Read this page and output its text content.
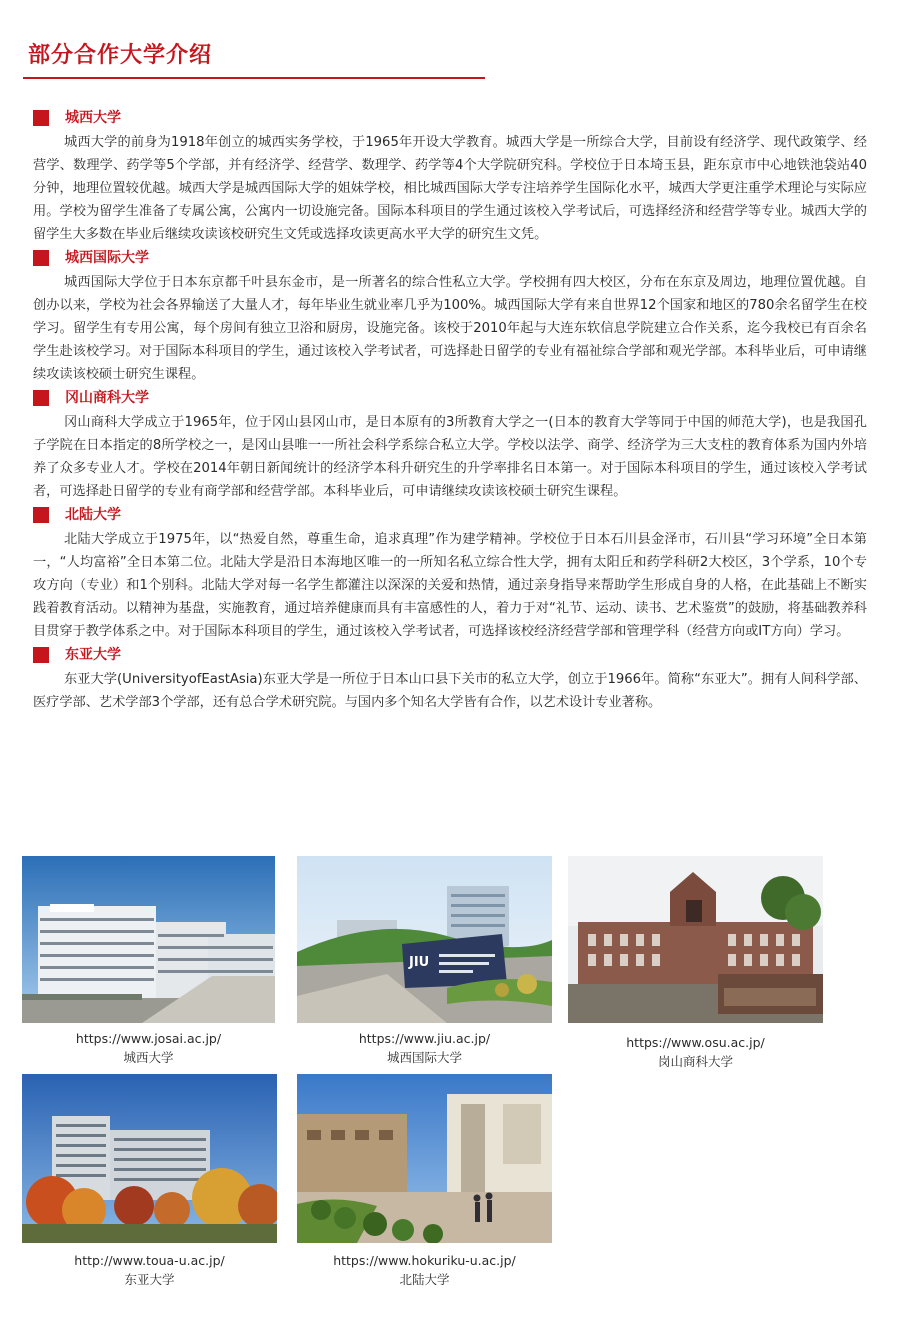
部分合作大学介绍
城西大学

城西大学的前身为1918年创立的城西实务学校，于1965年开设大学教育。城西大学是一所综合大学，目前设有经济学、现代政策学、经营学、数理学、药学等5个学部，并有经济学、经营学、数理学、药学等4个大学院研究科。学校位于日本埼玉县，距东京市中心地铁池袋站40分钟，地理位置较优越。城西大学是城西国际大学的姐妹学校，相比城西国际大学专注培养学生国际化水平，城西大学更注重学术理论与实际应用。学校为留学生准备了专属公寓，公寓内一切设施完备。国际本科项目的学生通过该校入学考试后，可选择经济和经营学等专业。城西大学的留学生大多数在毕业后继续攻读该校研究生文凭或选择攻读更高水平大学的研究生文凭。

城西国际大学

城西国际大学位于日本东京都千叶县东金市，是一所著名的综合性私立大学。学校拥有四大校区，分布在东京及周边，地理位置优越。自创办以来，学校为社会各界输送了大量人才，每年毕业生就业率几乎为100%。城西国际大学有来自世界12个国家和地区的780余名留学生在校学习。留学生有专用公寓，每个房间有独立卫浴和厨房，设施完备。该校于2010年起与大连东软信息学院建立合作关系，迄今我校已有百余名学生赴该校学习。对于国际本科项目的学生，通过该校入学考试者，可选择赴日留学的专业有福祉综合学部和观光学部。本科毕业后，可申请继续攻读该校硕士研究生课程。

冈山商科大学

冈山商科大学成立于1965年，位于冈山县冈山市，是日本原有的3所教育大学之一(日本的教育大学等同于中国的师范大学)，也是我国孔子学院在日本指定的8所学校之一，是冈山县唯一一所社会科学系综合私立大学。学校以法学、商学、经济学为三大支柱的教育体系为国内外培养了众多专业人才。学校在2014年朝日新闻统计的经济学本科升研究生的升学率排名日本第一。对于国际本科项目的学生，通过该校入学考试者，可选择赴日留学的专业有商学部和经营学部。本科毕业后，可申请继续攻读该校硕士研究生课程。

北陆大学

北陆大学成立于1975年，以“热爱自然，尊重生命，追求真理”作为建学精神。学校位于日本石川县金泽市，石川县“学习环境”全日本第一，“人均富裕”全日本第二位。北陆大学是沿日本海地区唯一的一所知名私立综合性大学，拥有太阳丘和药学科研2大校区，3个学系，10个专攻方向（专业）和1个别科。北陆大学对每一名学生都灌注以深深的关爱和热情，通过亲身指导来帮助学生形成自身的人格，在此基础上不断实践着教育活动。以精神为基盘，实施教育，通过培养健康而具有丰富感性的人，着力于对“礼节、运动、读书、艺术鉴赏”的鼓励，将基础教养科目贯穿于教学体系之中。对于国际本科项目的学生，通过该校入学考试者，可选择该校经济经营学部和管理学科（经营方向或IT方向）学习。

东亚大学

东亚大学(UniversityofEastAsia)东亚大学是一所位于日本山口县下关市的私立大学，创立于1966年。简称“东亚大”。拥有人间科学部、医疗学部、艺术学部3个学部，还有总合学术研究院。与国内多个知名大学皆有合作，以艺术设计专业著称。

https://www.josai.ac.jp/
城西大学
JIU
https://www.jiu.ac.jp/
城西国际大学
https://www.osu.ac.jp/
岗山商科大学
http://www.toua-u.ac.jp/
东亚大学
https://www.hokuriku-u.ac.jp/
北陆大学
